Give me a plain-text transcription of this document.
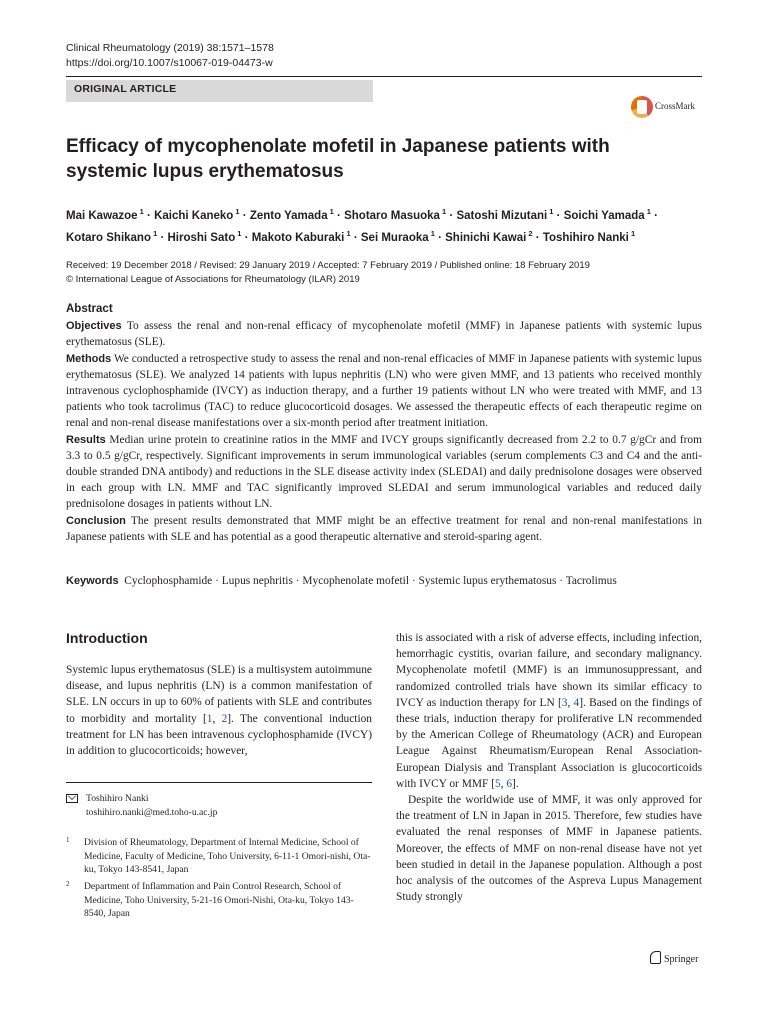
Clinical Rheumatology (2019) 38:1571–1578
https://doi.org/10.1007/s10067-019-04473-w
ORIGINAL ARTICLE
CrossMark
Efficacy of mycophenolate mofetil in Japanese patients with systemic lupus erythematosus
Mai Kawazoe $^1$ · Kaichi Kaneko $^1$ · Zento Yamada $^1$ · Shotaro Masuoka $^1$ · Satoshi Mizutani $^1$ · Soichi Yamada $^1$ ·
Kotaro Shikano $^1$ · Hiroshi Sato $^1$ · Makoto Kaburaki $^1$ · Sei Muraoka $^1$ · Shinichi Kawai $^2$ · Toshihiro Nanki $^1$
Received: 19 December 2018 / Revised: 29 January 2019 / Accepted: 7 February 2019 / Published online: 18 February 2019
© International League of Associations for Rheumatology (ILAR) 2019
Abstract

Objectives To assess the renal and non-renal efficacy of mycophenolate mofetil (MMF) in Japanese patients with systemic lupus erythematosus (SLE).

Methods We conducted a retrospective study to assess the renal and non-renal efficacies of MMF in Japanese patients with systemic lupus erythematosus (SLE). We analyzed 14 patients with lupus nephritis (LN) who were given MMF, and 13 patients who received monthly intravenous cyclophosphamide (IVCY) as induction therapy, and a further 19 patients without LN who were treated with MMF, and 13 patients who took tacrolimus (TAC) to reduce glucocorticoid dosages. We assessed the therapeutic effects of each therapeutic regime on renal and non-renal disease manifestations over a six-month period after treatment initiation.

Results Median urine protein to creatinine ratios in the MMF and IVCY groups significantly decreased from 2.2 to 0.7 g/gCr and from 3.3 to 0.5 g/gCr, respectively. Significant improvements in serum immunological variables (serum complements C3 and C4 and the anti-double stranded DNA antibody) and reductions in the SLE disease activity index (SLEDAI) and daily prednisolone dosages were observed in each group with LN. MMF and TAC significantly improved SLEDAI and serum immunological variables and reduced daily prednisolone dosages in patients without LN.

Conclusion The present results demonstrated that MMF might be an effective treatment for renal and non-renal manifestations in Japanese patients with SLE and has potential as a good therapeutic alternative and steroid-sparing agent.

Keywords Cyclophosphamide · Lupus nephritis · Mycophenolate mofetil · Systemic lupus erythematosus · Tacrolimus
Introduction
Systemic lupus erythematosus (SLE) is a multisystem autoimmune disease, and lupus nephritis (LN) is a common manifestation of SLE. LN occurs in up to 60% of patients with SLE and contributes to morbidity and mortality [1, 2]. The conventional induction treatment for LN has been intravenous cyclophosphamide (IVCY) in addition to glucocorticoids; however,

this is associated with a risk of adverse effects, including infection, hemorrhagic cystitis, ovarian failure, and secondary malignancy. Mycophenolate mofetil (MMF) is an immunosuppressant, and randomized controlled trials have shown its similar efficacy to IVCY as induction therapy for LN [3, 4]. Based on the findings of these trials, induction therapy for proliferative LN recommended by the American College of Rheumatology (ACR) and European League Against Rheumatism/European Renal Association-European Dialysis and Transplant Association is glucocorticoids with IVCY or MMF [5, 6].

Despite the worldwide use of MMF, it was only approved for the treatment of LN in Japan in 2015. Therefore, few studies have evaluated the renal responses of MMF in Japanese patients. Moreover, the effects of MMF on non-renal disease have not yet been studied in detail in the Japanese population. Although a post hoc analysis of the outcomes of the Aspreva Lupus Management Study strongly

Toshihiro Nanki
toshihiro.nanki@med.toho-u.ac.jp
1 Division of Rheumatology, Department of Internal Medicine, School of Medicine, Faculty of Medicine, Toho University, 6-11-1 Omori-nishi, Ota-ku, Tokyo 143-8541, Japan
2 Department of Inflammation and Pain Control Research, School of Medicine, Toho University, 5-21-16 Omori-Nishi, Ota-ku, Tokyo 143-8540, Japan
Springer
